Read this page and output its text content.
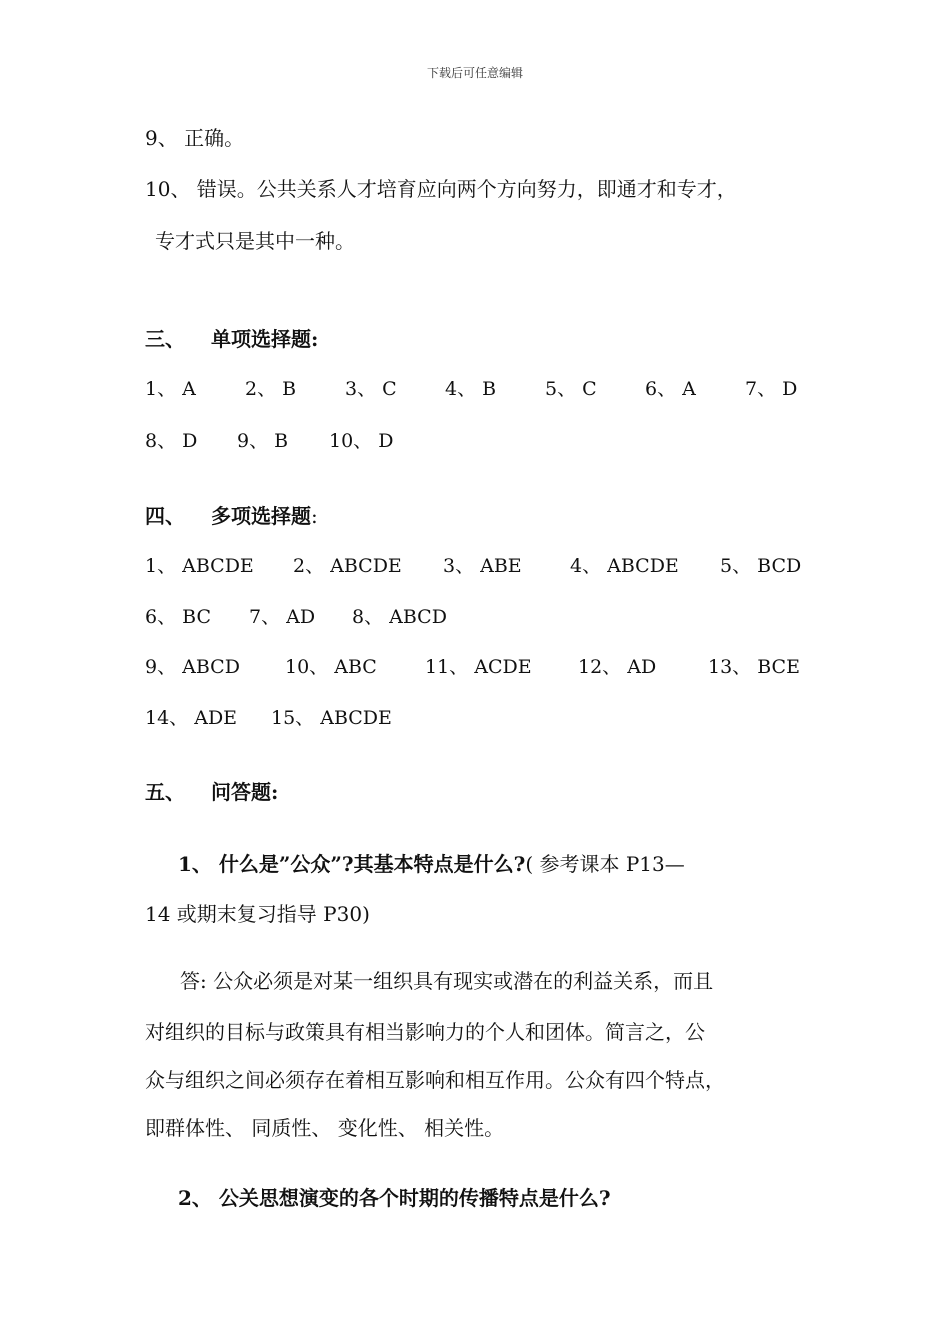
下载后可任意编辑
9、 正确。
10、 错误。公共关系人才培育应向两个方向努力，即通才和专才，
专才式只是其中一种。
三、 单项选择题:
1、 A	2、 B	3、 C	4、 B	5、 C	6、 A	7、 D
8、 D 9、 B 10、 D
四、 多项选择题:
1、 ABCDE 2、 ABCDE 3、 ABE	4、 ABCDE 5、 BCD
6、 BC 7、 AD 8、 ABCD
9、 ABCD 10、 ABC	11、 ACDE 12、 AD	13、 BCE
14、 ADE 15、 ABCDE
五、 问答题:
1、 什么是”公众”?其基本特点是什么?( 参考课本 P13—
14 或期末复习指导 P30)
答: 公众必须是对某一组织具有现实或潜在的利益关系，而且
对组织的目标与政策具有相当影响力的个人和团体。简言之，公
众与组织之间必须存在着相互影响和相互作用。公众有四个特点，
即群体性、 同质性、 变化性、 相关性。
2、 公关思想演变的各个时期的传播特点是什么?
